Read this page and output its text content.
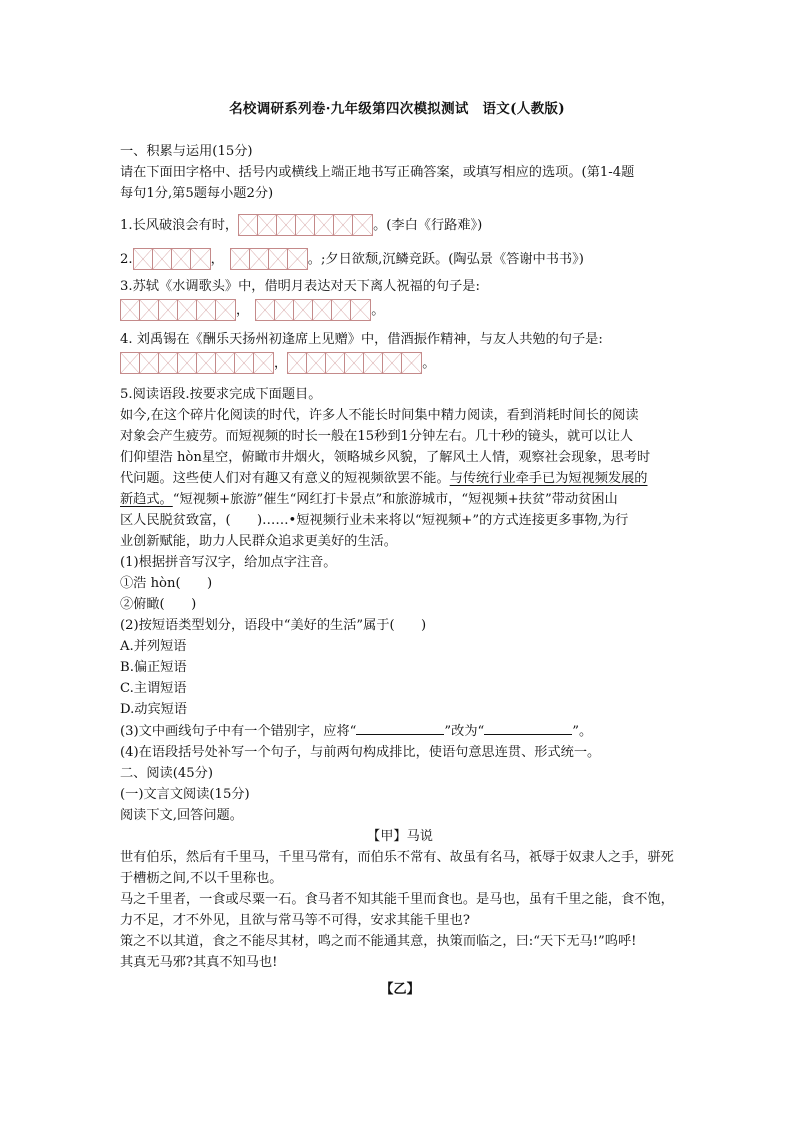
名校调研系列卷·九年级第四次模拟测试　语文(人教版)
一、积累与运用(15分)
请在下面田字格中、括号内或横线上端正地书写正确答案，或填写相应的选项。(第1-4题
每句1分,第5题每小题2分)
1.长风破浪会有时，	。(李白《行路难》)
2.	，	。;夕日欲颓,沉鳞竞跃。(陶弘景《答谢中书书》)
3.苏轼《水调歌头》中，借明月表达对天下离人祝福的句子是:
，	。
4. 刘禹锡在《酬乐天扬州初逢席上见赠》中，借酒振作精神，与友人共勉的句子是:
，	。
5.阅读语段.按要求完成下面题目。
如今,在这个碎片化阅读的时代，许多人不能长时间集中精力阅读，看到消耗时间长的阅读
对象会产生疲劳。而短视频的时长一般在15秒到1分钟左右。几十秒的镜头，就可以让人
们仰望浩 hòn星空，俯瞰市井烟火，领略城乡风貌，了解风土人情，观察社会现象，思考时
代问题。这些使人们对有趣又有意义的短视频欲罢不能。与传统行业牵手已为短视频发展的
新趋式。“短视频+旅游”催生“网红打卡景点”和旅游城市，“短视频+扶贫”带动贫困山
区人民脱贫致富，(　　)……•短视频行业未来将以“短视频+”的方式连接更多事物,为行
业创新赋能，助力人民群众追求更美好的生活。
(1)根据拼音写汉字，给加点字注音。
①浩 hòn(　　)
②俯瞰(　　)
(2)按短语类型划分，语段中“美好的生活”属于(　　)
A.并列短语
B.偏正短语
C.主谓短语
D.动宾短语
(3)文中画线句子中有一个错别字，应将“	”改为“	”。
(4)在语段括号处补写一个句子，与前两句构成排比，使语句意思连贯、形式统一。
二、阅读(45分)
(一)文言文阅读(15分)
阅读下文,回答问题。
【甲】马说
世有伯乐，然后有千里马，千里马常有，而伯乐不常有、故虽有名马，祇辱于奴隶人之手，骈死
于槽枥之间,不以千里称也。
马之千里者，一食或尽粟一石。食马者不知其能千里而食也。是马也，虽有千里之能，食不饱，
力不足，才不外见，且欲与常马等不可得，安求其能千里也?
策之不以其道，食之不能尽其材，鸣之而不能通其意，执策而临之，曰:“天下无马!”呜呼!
其真无马邪?其真不知马也!
【乙】
